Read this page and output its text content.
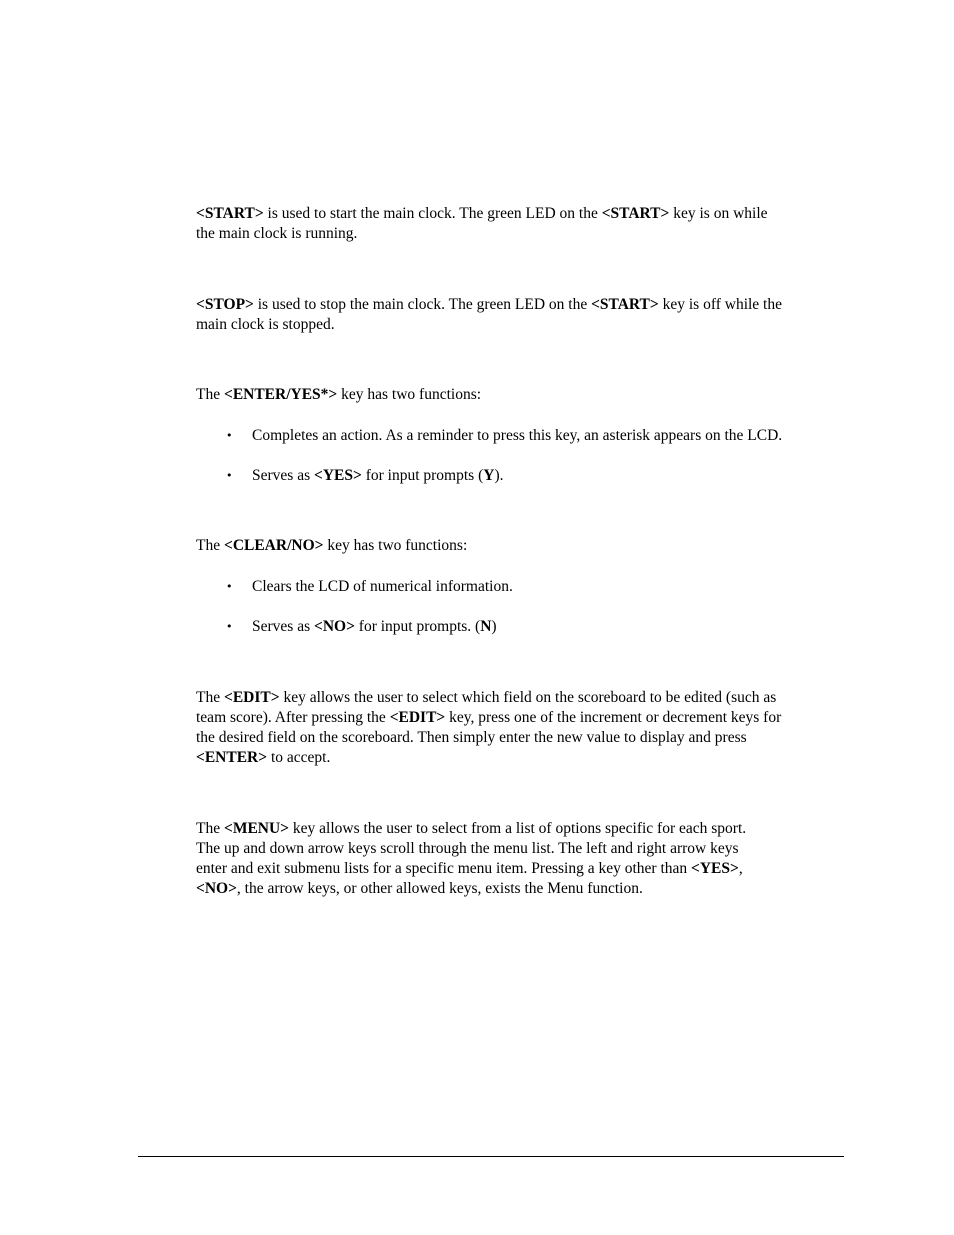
<START> is used to start the main clock. The green LED on the <START> key is on while
the main clock is running.
<STOP> is used to stop the main clock. The green LED on the <START> key is off while the
main clock is stopped.
The <ENTER/YES*> key has two functions:
•	Completes an action. As a reminder to press this key, an asterisk appears on the LCD.
•	Serves as <YES> for input prompts (Y).
The <CLEAR/NO> key has two functions:
•	Clears the LCD of numerical information.
•	Serves as <NO> for input prompts. (N)
The <EDIT> key allows the user to select which field on the scoreboard to be edited (such as
team score). After pressing the <EDIT> key, press one of the increment or decrement keys for
the desired field on the scoreboard. Then simply enter the new value to display and press
<ENTER> to accept.
The <MENU> key allows the user to select from a list of options specific for each sport.
The up and down arrow keys scroll through the menu list. The left and right arrow keys
enter and exit submenu lists for a specific menu item. Pressing a key other than <YES>,
<NO>, the arrow keys, or other allowed keys, exists the Menu function.
